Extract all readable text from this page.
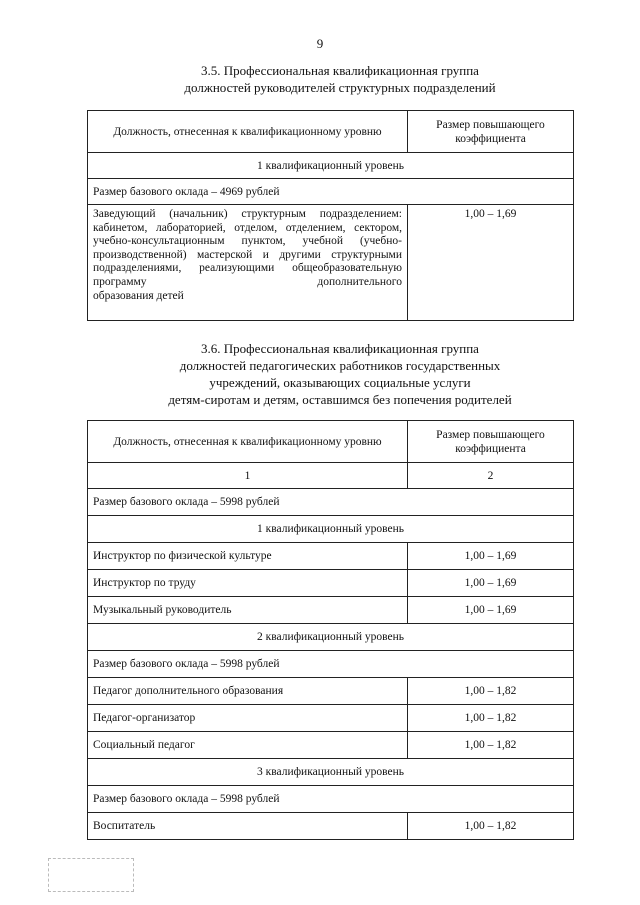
9
3.5. Профессиональная квалификационная группа
должностей руководителей структурных подразделений
Должность, отнесенная к квалификационному уровню	Размер повышающего
коэффициента

1 квалификационный уровень	
Размер базового оклада – 4969 рублей	
Заведующий (начальник) структурным подразделением: кабинетом, лабораторией, отделом, отделением, сектором, учебно-консультационным пунктом, учебной (учебно-производственной) мастерской и другими структурными подразделениями, реализующими общеобразовательную программу дополнительного
образования детей	1,00 – 1,69
3.6. Профессиональная квалификационная группа
должностей педагогических работников государственных
учреждений, оказывающих социальные услуги
детям-сиротам и детям, оставшимся без попечения родителей
Должность, отнесенная к квалификационному уровню	Размер повышающего
коэффициента

1	2
Размер базового оклада – 5998 рублей	
1 квалификационный уровень	
Инструктор по физической культуре	1,00 – 1,69
Инструктор по труду	1,00 – 1,69
Музыкальный руководитель	1,00 – 1,69
2 квалификационный уровень	
Размер базового оклада – 5998 рублей	
Педагог дополнительного образования	1,00 – 1,82
Педагог-организатор	1,00 – 1,82
Социальный педагог	1,00 – 1,82
3 квалификационный уровень	
Размер базового оклада – 5998 рублей	
Воспитатель	1,00 – 1,82
